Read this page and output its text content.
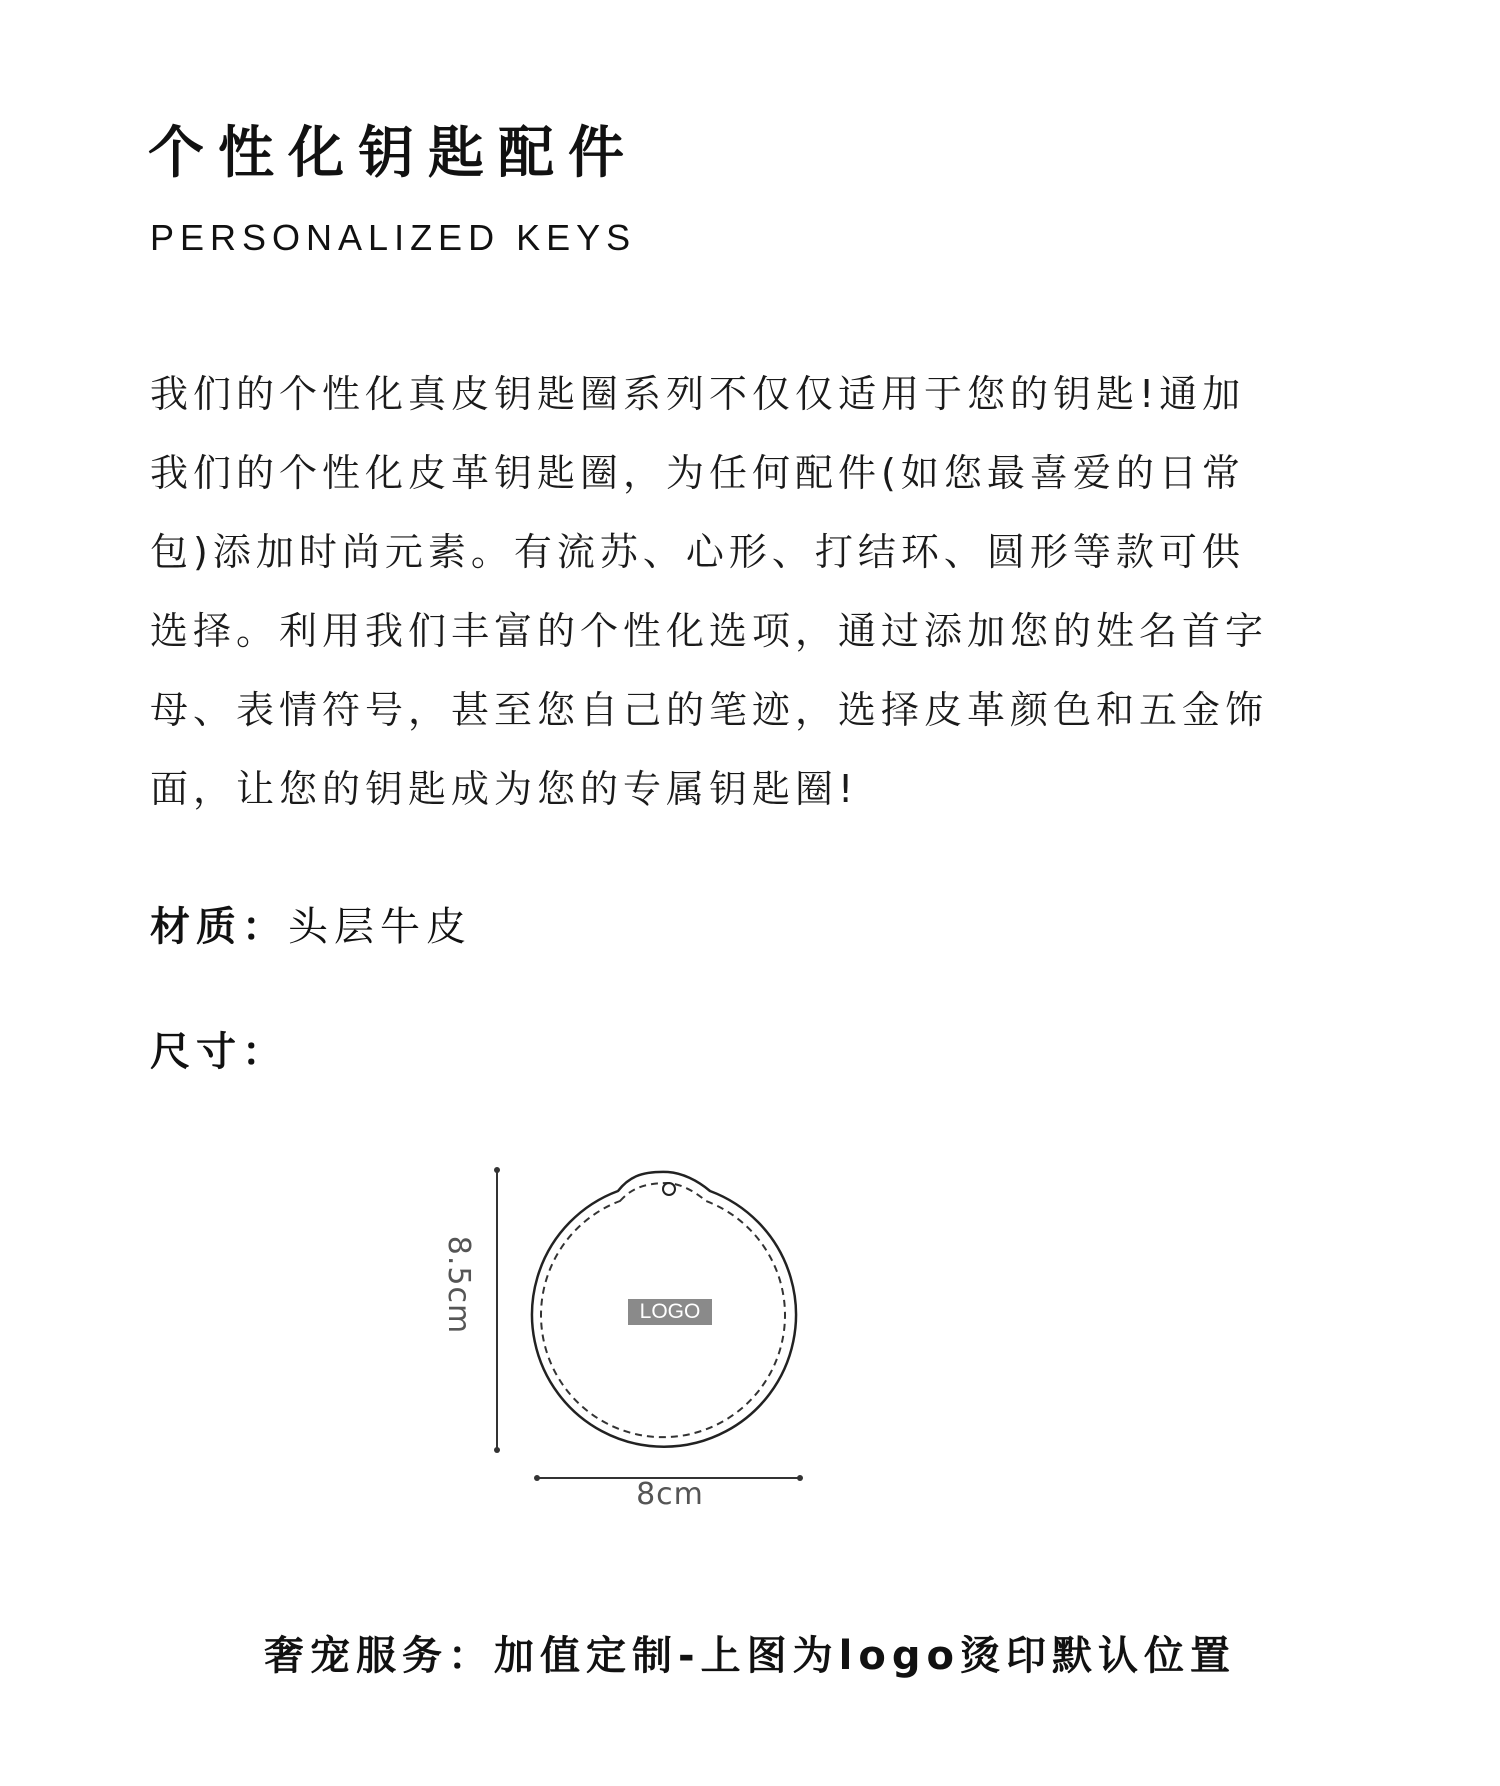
个性化钥匙配件
PERSONALIZED KEYS
我们的个性化真皮钥匙圈系列不仅仅适用于您的钥匙!通加
我们的个性化皮革钥匙圈，为任何配件(如您最喜爱的日常
包)添加时尚元素。有流苏、心形、打结环、圆形等款可供
选择。利用我们丰富的个性化选项，通过添加您的姓名首字
母、表情符号，甚至您自己的笔迹，选择皮革颜色和五金饰
面，让您的钥匙成为您的专属钥匙圈!
材质：头层牛皮
尺寸：
LOGO
8.5cm
8cm
奢宠服务：加值定制-上图为logo烫印默认位置
